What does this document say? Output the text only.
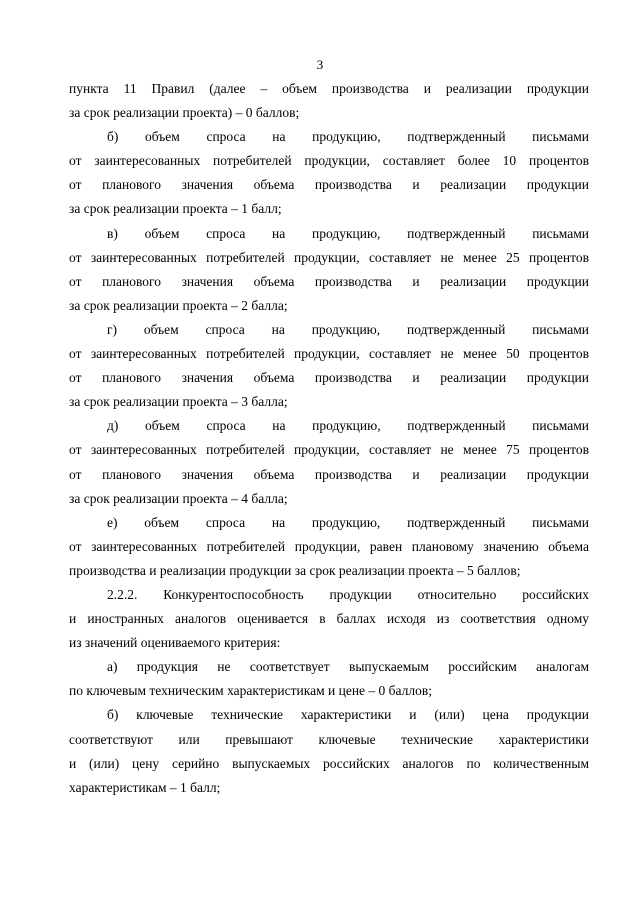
3
пункта 11 Правил (далее – объем производства и реализации продукции
за срок реализации проекта) – 0 баллов;
б) объем спроса на продукцию, подтвержденный письмами
от заинтересованных потребителей продукции, составляет более 10 процентов
от планового значения объема производства и реализации продукции
за срок реализации проекта – 1 балл;
в) объем спроса на продукцию, подтвержденный письмами
от заинтересованных потребителей продукции, составляет не менее 25 процентов
от планового значения объема производства и реализации продукции
за срок реализации проекта – 2 балла;
г) объем спроса на продукцию, подтвержденный письмами
от заинтересованных потребителей продукции, составляет не менее 50 процентов
от планового значения объема производства и реализации продукции
за срок реализации проекта – 3 балла;
д) объем спроса на продукцию, подтвержденный письмами
от заинтересованных потребителей продукции, составляет не менее 75 процентов
от планового значения объема производства и реализации продукции
за срок реализации проекта – 4 балла;
е) объем спроса на продукцию, подтвержденный письмами
от заинтересованных потребителей продукции, равен плановому значению объема
производства и реализации продукции за срок реализации проекта – 5 баллов;
2.2.2. Конкурентоспособность продукции относительно российских
и иностранных аналогов оценивается в баллах исходя из соответствия одному
из значений оцениваемого критерия:
а) продукция не соответствует выпускаемым российским аналогам
по ключевым техническим характеристикам и цене – 0 баллов;
б) ключевые технические характеристики и (или) цена продукции
соответствуют или превышают ключевые технические характеристики
и (или) цену серийно выпускаемых российских аналогов по количественным
характеристикам – 1 балл;
